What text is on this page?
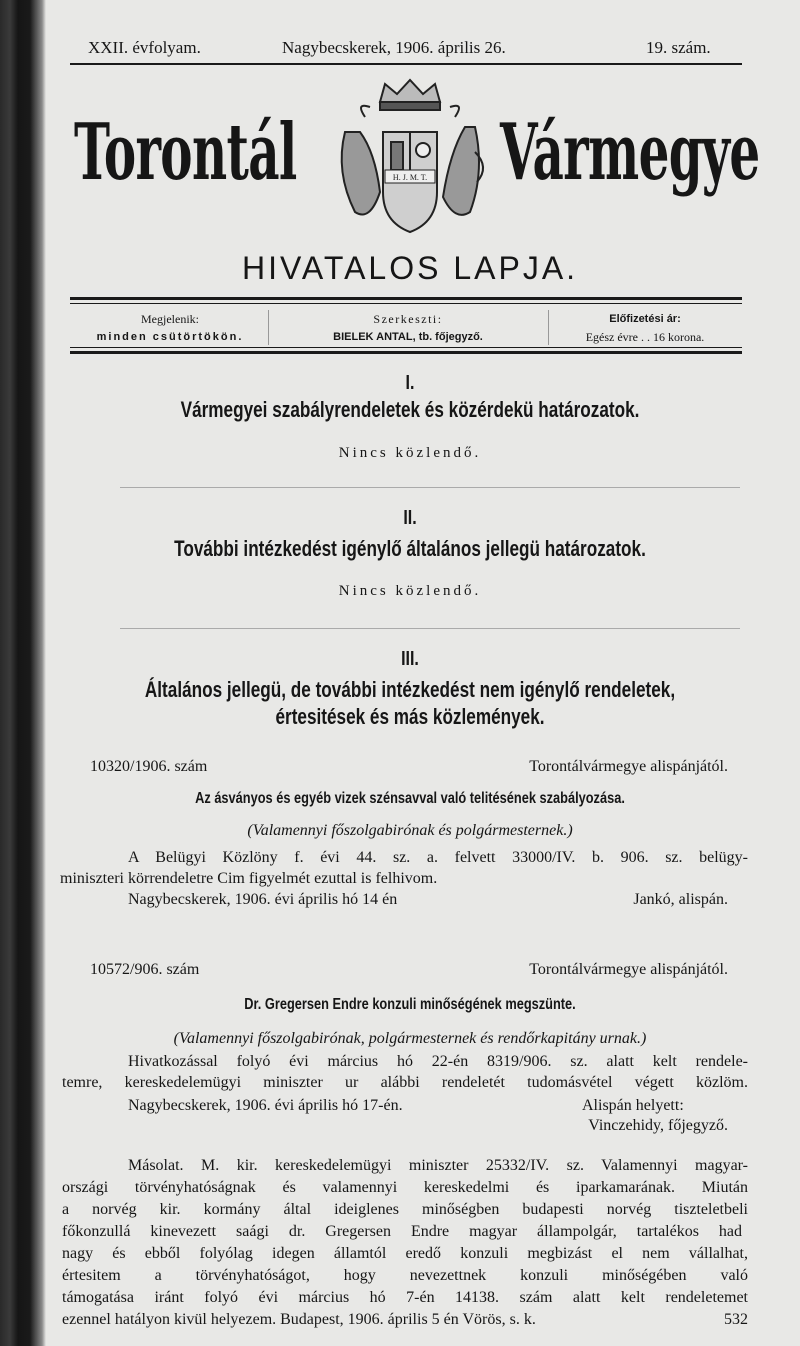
XXII. évfolyam.	Nagybecskerek, 1906. április 26.	19. szám.
Torontál	Vármegye
H. J. M. T.
HIVATALOS LAPJA.
Megjelenik:
minden csütörtökön.
Szerkeszti:
BIELEK ANTAL, tb. főjegyző.
Előfizetési ár:
Egész évre . . 16 korona.
I.
Vármegyei szabályrendeletek és közérdekü határozatok.
Nincs közlendő.
II.
További intézkedést igénylő általános jellegü határozatok.
Nincs közlendő.
III.
Általános jellegü, de további intézkedést nem igénylő rendeletek,
értesitések és más közlemények.
10320/1906. szám	Torontálvármegye alispánjától.
Az ásványos és egyéb vizek szénsavval való telitésének szabályozása.
(Valamennyi főszolgabirónak és polgármesternek.)
A Belügyi Közlöny f. évi 44. sz. a. felvett 33000/IV. b. 906. sz. belügy-
miniszteri körrendeletre Cim figyelmét ezuttal is felhivom.
Nagybecskerek, 1906. évi április hó 14 én	Jankó, alispán.
10572/906. szám	Torontálvármegye alispánjától.
Dr. Gregersen Endre konzuli minőségének megszünte.
(Valamennyi főszolgabirónak, polgármesternek és rendőrkapitány urnak.)
Hivatkozással folyó évi március hó 22-én 8319/906. sz. alatt kelt rendele-
temre, kereskedelemügyi miniszter ur alábbi rendeletét tudomásvétel végett közlöm.
Nagybecskerek, 1906. évi április hó 17-én.	Alispán helyett:
Vinczehidy, főjegyző.
Másolat. M. kir. kereskedelemügyi miniszter 25332/IV. sz. Valamennyi magyar-
országi törvényhatóságnak és valamennyi kereskedelmi és iparkamarának. Miután
a norvég kir. kormány által ideiglenes minőségben budapesti norvég tiszteletbeli
főkonzullá kinevezett saági dr. Gregersen Endre magyar állampolgár, tartalékos had
nagy és ebből folyólag idegen államtól eredő konzuli megbizást el nem vállalhat,
értesitem a törvényhatóságot, hogy nevezettnek konzuli minőségében való
támogatása iránt folyó évi március hó 7-én 14138. szám alatt kelt rendeletemet
ezennel hatályon kivül helyezem. Budapest, 1906. április 5 én Vörös, s. k.	532
